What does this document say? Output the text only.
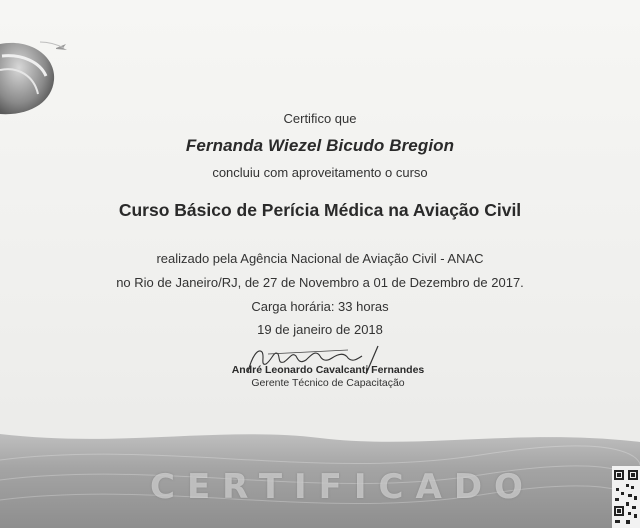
Certifico que
Fernanda Wiezel Bicudo Bregion
concluiu com aproveitamento o curso
Curso Básico de Perícia Médica na Aviação Civil
realizado pela Agência Nacional de Aviação Civil - ANAC
no Rio de Janeiro/RJ, de 27 de Novembro a 01 de Dezembro de 2017.
Carga horária: 33 horas
19 de janeiro de 2018
André Leonardo Cavalcanti Fernandes
Gerente Técnico de Capacitação
CERTIFICADO
